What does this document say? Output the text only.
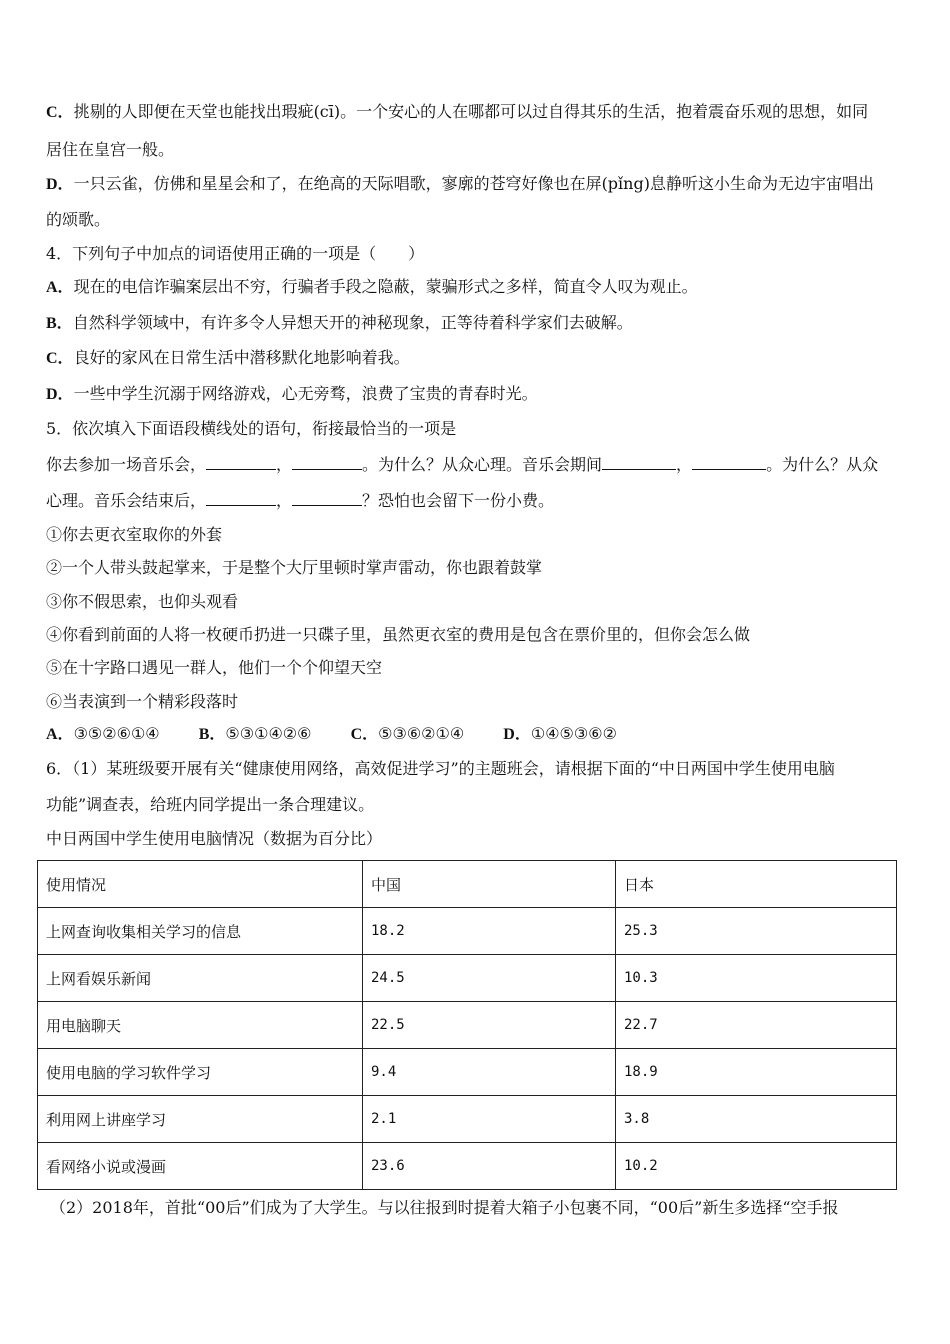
C．挑剔的人即便在天堂也能找出瑕疵(cī)。一个安心的人在哪都可以过自得其乐的生活，抱着震奋乐观的思想，如同
居住在皇宫一般。
D．一只云雀，仿佛和星星会和了，在绝高的天际唱歌，寥廓的苍穹好像也在屏(pǐng)息静听这小生命为无边宇宙唱出
的颂歌。
4．下列句子中加点的词语使用正确的一项是（　　）
A．现在的电信诈骗案层出不穷，行骗者手段之隐蔽，蒙骗形式之多样，简直令人叹为观止。
B．自然科学领域中，有许多令人异想天开的神秘现象，正等待着科学家们去破解。
C．良好的家风在日常生活中潜移默化地影响着我。
D．一些中学生沉溺于网络游戏，心无旁骛，浪费了宝贵的青春时光。
5．依次填入下面语段横线处的语句，衔接最恰当的一项是
你去参加一场音乐会，	，	。为什么？从众心理。音乐会期间	，	。为什么？从众
心理。音乐会结束后，	，	？恐怕也会留下一份小费。
①你去更衣室取你的外套
②一个人带头鼓起掌来，于是整个大厅里顿时掌声雷动，你也跟着鼓掌
③你不假思索，也仰头观看
④你看到前面的人将一枚硬币扔进一只碟子里，虽然更衣室的费用是包含在票价里的，但你会怎么做
⑤在十字路口遇见一群人，他们一个个仰望天空
⑥当表演到一个精彩段落时
A．③⑤②⑥①④ B．⑤③①④②⑥ C．⑤③⑥②①④ D．①④⑤③⑥②
6．（1）某班级要开展有关“健康使用网络，高效促进学习”的主题班会，请根据下面的“中日两国中学生使用电脑
功能”调查表，给班内同学提出一条合理建议。
中日两国中学生使用电脑情况（数据为百分比）
使用情况	中国	日本
上网查询收集相关学习的信息	18.2	25.3
上网看娱乐新闻	24.5	10.3
用电脑聊天	22.5	22.7
使用电脑的学习软件学习	9.4	18.9
利用网上讲座学习	2.1	3.8
看网络小说或漫画	23.6	10.2
（2）2018年，首批“00后”们成为了大学生。与以往报到时提着大箱子小包裹不同，“00后”新生多选择“空手报
